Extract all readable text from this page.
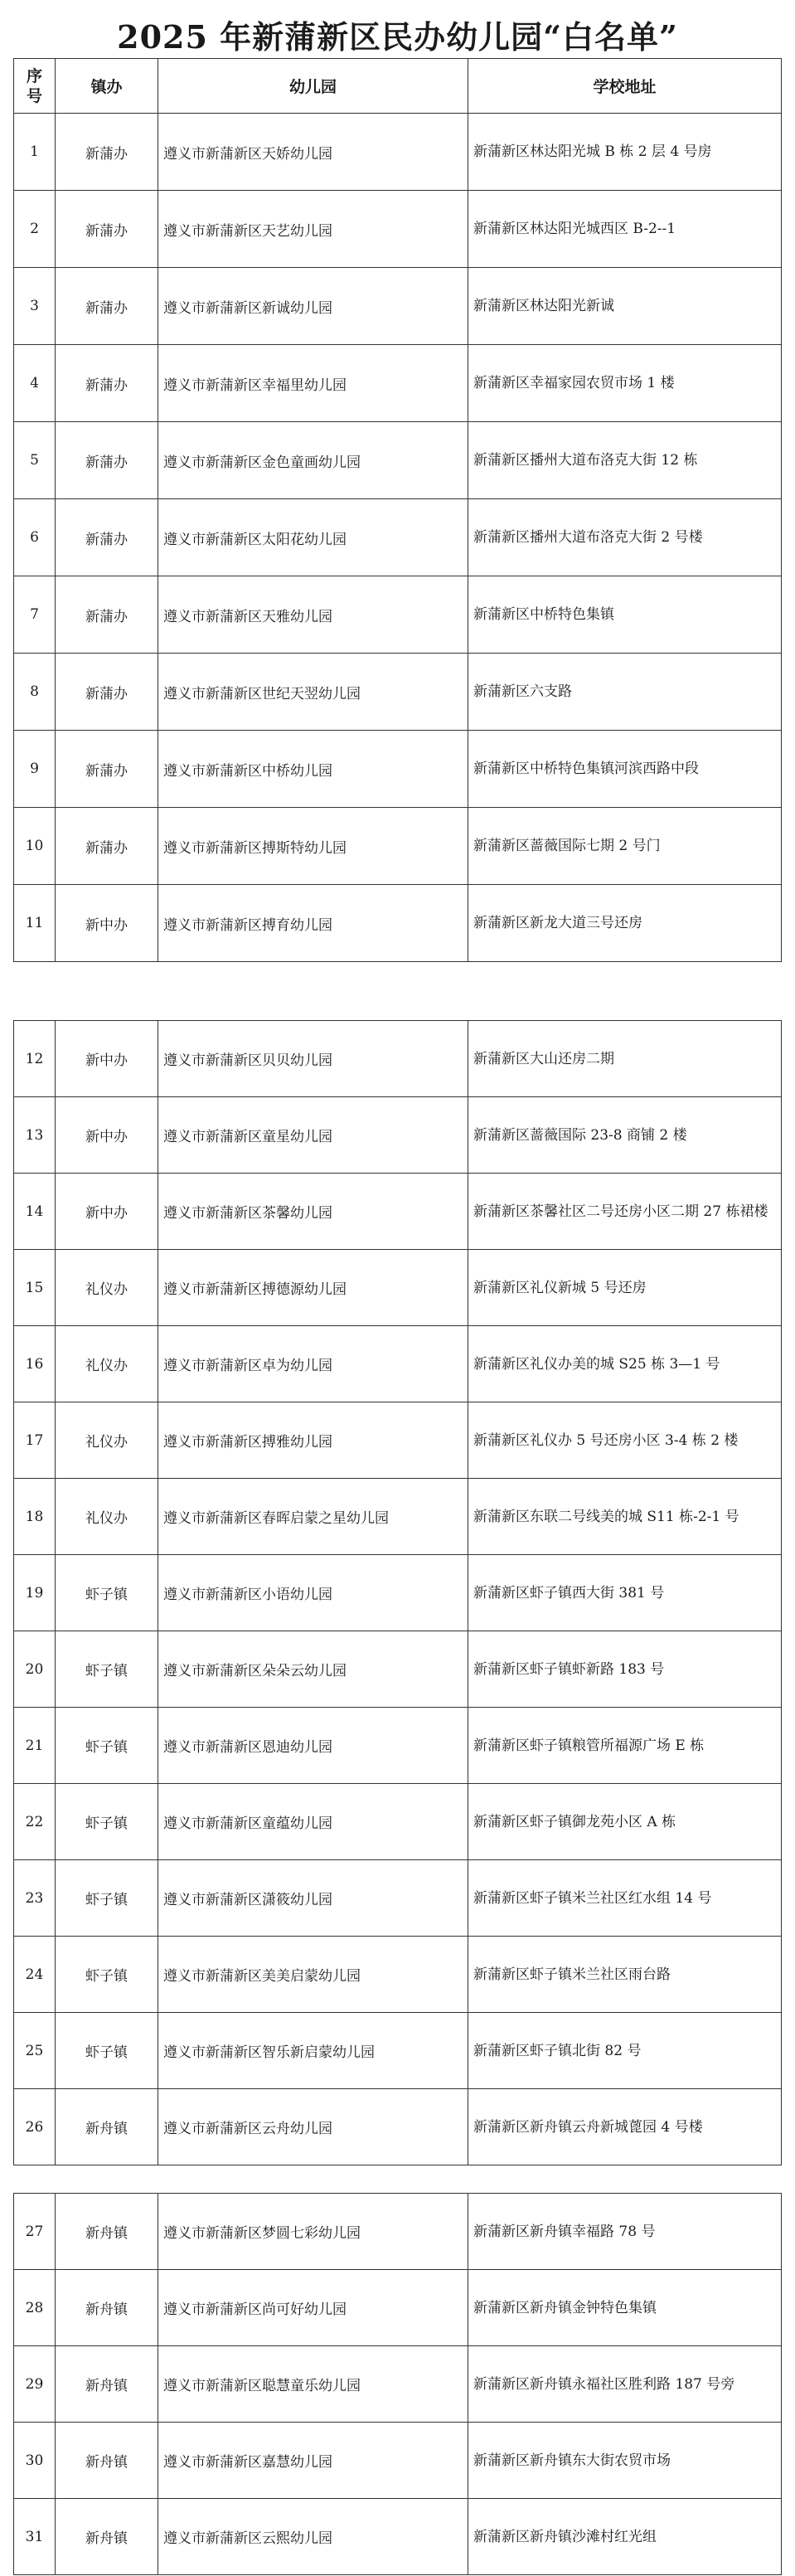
2025 年新蒲新区民办幼儿园“白名单”
序号	镇办	幼儿园	学校地址
1	新蒲办	遵义市新蒲新区天娇幼儿园	新蒲新区林达阳光城 B 栋 2 层 4 号房
2	新蒲办	遵义市新蒲新区天艺幼儿园	新蒲新区林达阳光城西区 B-2--1
3	新蒲办	遵义市新蒲新区新诚幼儿园	新蒲新区林达阳光新诚
4	新蒲办	遵义市新蒲新区幸福里幼儿园	新蒲新区幸福家园农贸市场 1 楼
5	新蒲办	遵义市新蒲新区金色童画幼儿园	新蒲新区播州大道布洛克大街 12 栋
6	新蒲办	遵义市新蒲新区太阳花幼儿园	新蒲新区播州大道布洛克大街 2 号楼
7	新蒲办	遵义市新蒲新区天雅幼儿园	新蒲新区中桥特色集镇
8	新蒲办	遵义市新蒲新区世纪天翌幼儿园	新蒲新区六支路
9	新蒲办	遵义市新蒲新区中桥幼儿园	新蒲新区中桥特色集镇河滨西路中段
10	新蒲办	遵义市新蒲新区搏斯特幼儿园	新蒲新区蔷薇国际七期 2 号门
11	新中办	遵义市新蒲新区搏育幼儿园	新蒲新区新龙大道三号还房
12	新中办	遵义市新蒲新区贝贝幼儿园	新蒲新区大山还房二期
13	新中办	遵义市新蒲新区童星幼儿园	新蒲新区蔷薇国际 23-8 商铺 2 楼
14	新中办	遵义市新蒲新区茶馨幼儿园	新蒲新区茶馨社区二号还房小区二期 27 栋裙楼
15	礼仪办	遵义市新蒲新区搏德源幼儿园	新蒲新区礼仪新城 5 号还房
16	礼仪办	遵义市新蒲新区卓为幼儿园	新蒲新区礼仪办美的城 S25 栋 3—1 号
17	礼仪办	遵义市新蒲新区搏雅幼儿园	新蒲新区礼仪办 5 号还房小区 3-4 栋 2 楼
18	礼仪办	遵义市新蒲新区春晖启蒙之星幼儿园	新蒲新区东联二号线美的城 S11 栋-2-1 号
19	虾子镇	遵义市新蒲新区小语幼儿园	新蒲新区虾子镇西大街 381 号
20	虾子镇	遵义市新蒲新区朵朵云幼儿园	新蒲新区虾子镇虾新路 183 号
21	虾子镇	遵义市新蒲新区恩迪幼儿园	新蒲新区虾子镇粮管所福源广场 E 栋
22	虾子镇	遵义市新蒲新区童蕴幼儿园	新蒲新区虾子镇御龙苑小区 A 栋
23	虾子镇	遵义市新蒲新区潇筱幼儿园	新蒲新区虾子镇米兰社区红水组 14 号
24	虾子镇	遵义市新蒲新区美美启蒙幼儿园	新蒲新区虾子镇米兰社区雨台路
25	虾子镇	遵义市新蒲新区智乐新启蒙幼儿园	新蒲新区虾子镇北街 82 号
26	新舟镇	遵义市新蒲新区云舟幼儿园	新蒲新区新舟镇云舟新城蓖园 4 号楼
27	新舟镇	遵义市新蒲新区梦圆七彩幼儿园	新蒲新区新舟镇幸福路 78 号
28	新舟镇	遵义市新蒲新区尚可好幼儿园	新蒲新区新舟镇金钟特色集镇
29	新舟镇	遵义市新蒲新区聪慧童乐幼儿园	新蒲新区新舟镇永福社区胜利路 187 号旁
30	新舟镇	遵义市新蒲新区嘉慧幼儿园	新蒲新区新舟镇东大街农贸市场
31	新舟镇	遵义市新蒲新区云熙幼儿园	新蒲新区新舟镇沙滩村红光组
